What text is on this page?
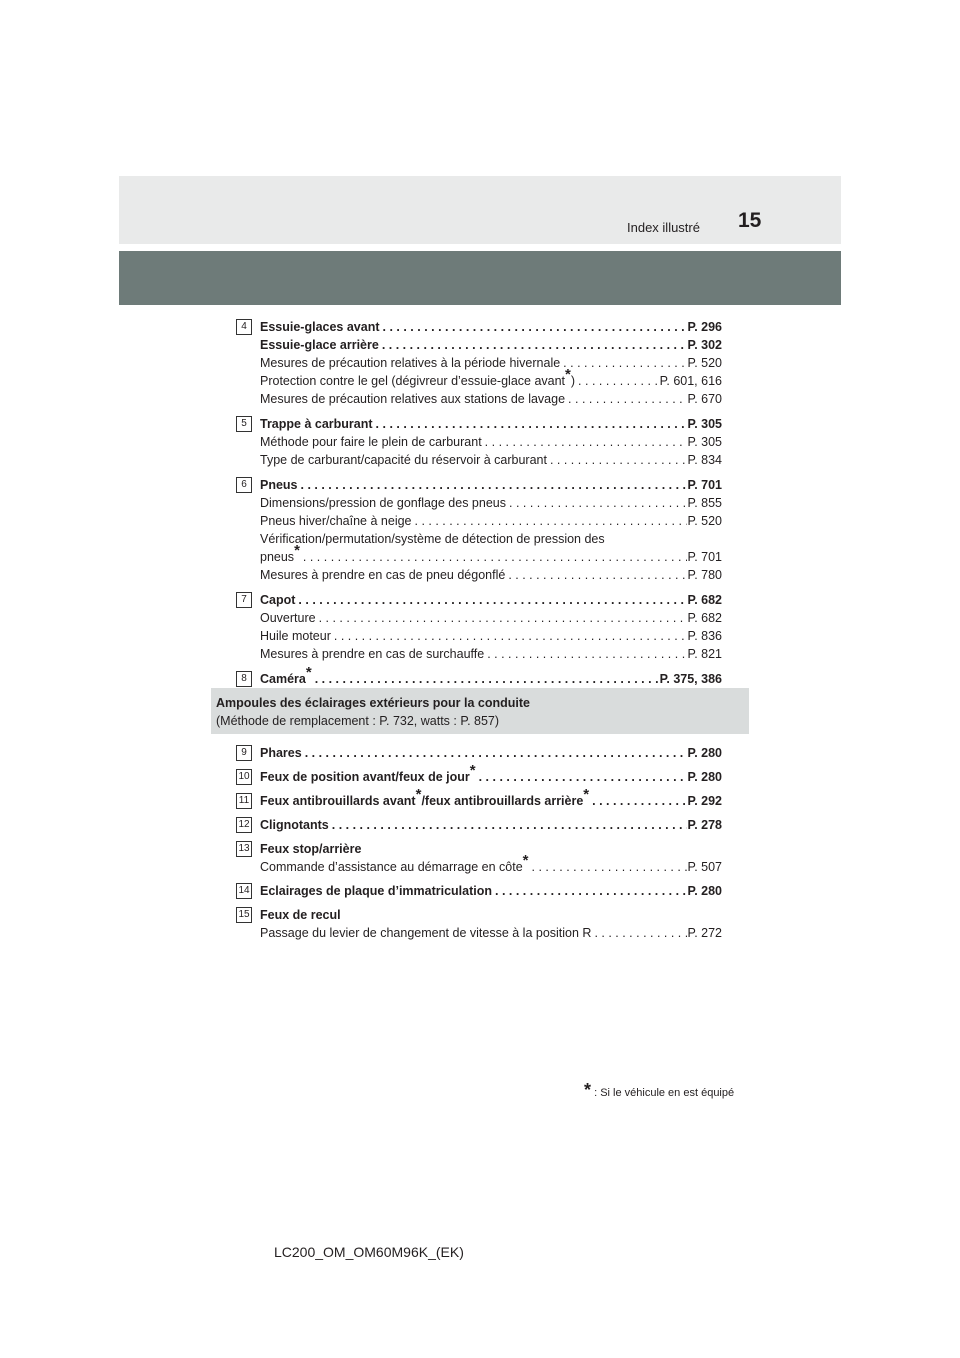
Index illustré 15
4	Essuie-glaces avant . . .	P. 296
Essuie-glace arrière . . .	P. 302
Mesures de précaution relatives à la période hivernale . . .	P. 520
Protection contre le gel (dégivreur d’essuie-glace avant*) . . .	P. 601, 616
Mesures de précaution relatives aux stations de lavage . . .	P. 670
5	Trappe à carburant . . .	P. 305
Méthode pour faire le plein de carburant . . .	P. 305
Type de carburant/capacité du réservoir à carburant . . .	P. 834
6	Pneus . . .	P. 701
Dimensions/pression de gonflage des pneus . . .	P. 855
Pneus hiver/chaîne à neige . . .	P. 520
Vérification/permutation/système de détection de pression des
pneus* . . .	P. 701
Mesures à prendre en cas de pneu dégonflé . . .	P. 780
7	Capot . . .	P. 682
Ouverture . . .	P. 682
Huile moteur . . .	P. 836
Mesures à prendre en cas de surchauffe . . .	P. 821
8	Caméra* . . .	P. 375, 386
Ampoules des éclairages extérieurs pour la conduite
(Méthode de remplacement : P. 732, watts : P. 857)
9	Phares . . .	P. 280
10 Feux de position avant/feux de jour* . . .	P. 280
11 Feux antibrouillards avant*/feux antibrouillards arrière* . . .	P. 292
12 Clignotants . . .	P. 278
13 Feux stop/arrière
Commande d’assistance au démarrage en côte* . . .	P. 507
14 Eclairages de plaque d’immatriculation . . .	P. 280
15 Feux de recul
Passage du levier de changement de vitesse à la position R . . .	P. 272
* : Si le véhicule en est équipé
LC200_OM_OM60M96K_(EK)
